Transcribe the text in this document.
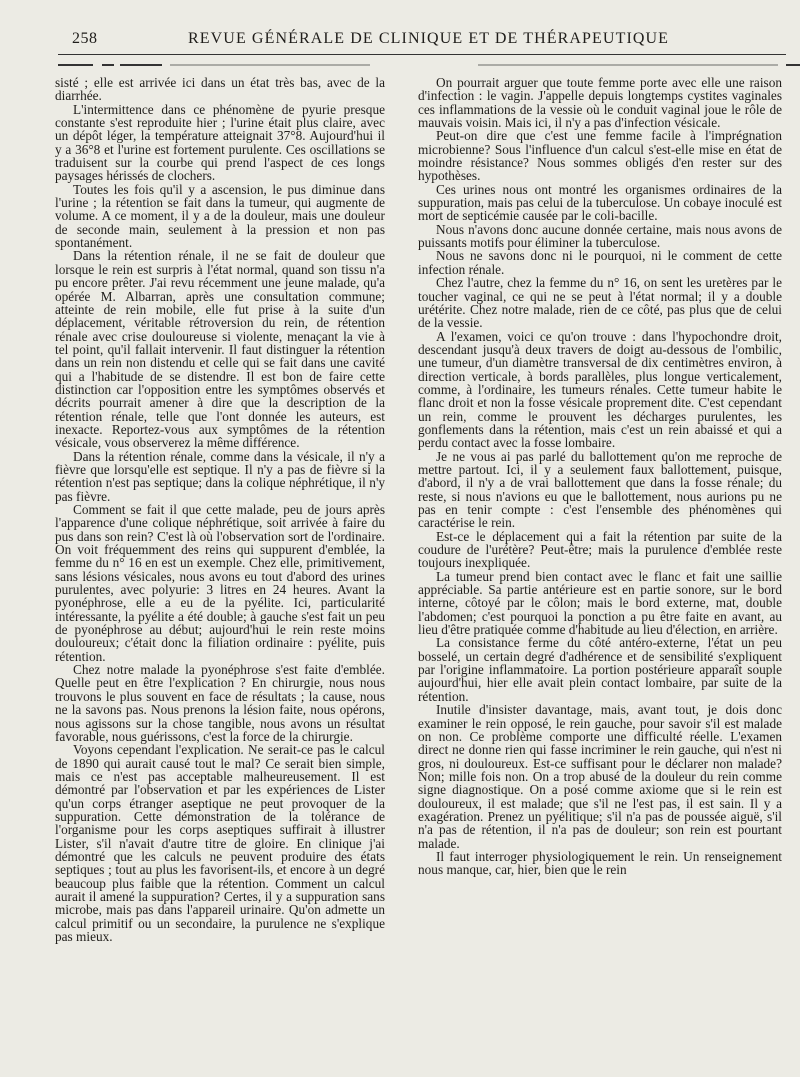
258	REVUE GÉNÉRALE DE CLINIQUE ET DE THÉRAPEUTIQUE

sisté ; elle est arrivée ici dans un état très bas, avec de la diarrhée.

L'intermittence dans ce phénomène de pyurie presque constante s'est reproduite hier ; l'urine était plus claire, avec un dépôt léger, la température atteignait 37°8. Aujourd'hui il y a 36°8 et l'urine est fortement purulente. Ces oscillations se traduisent sur la courbe qui prend l'aspect de ces longs paysages hérissés de clochers.

Toutes les fois qu'il y a ascension, le pus diminue dans l'urine ; la rétention se fait dans la tumeur, qui augmente de volume. A ce moment, il y a de la douleur, mais une douleur de seconde main, seulement à la pression et non pas spontanément.

Dans la rétention rénale, il ne se fait de douleur que lorsque le rein est surpris à l'état normal, quand son tissu n'a pu encore prêter. J'ai revu récemment une jeune malade, qu'a opérée M. Albarran, après une consultation commune; atteinte de rein mobile, elle fut prise à la suite d'un déplacement, véritable rétroversion du rein, de rétention rénale avec crise douloureuse si violente, menaçant la vie à tel point, qu'il fallait intervenir. Il faut distinguer la rétention dans un rein non distendu et celle qui se fait dans une cavité qui a l'habitude de se distendre. Il est bon de faire cette distinction car l'opposition entre les symptômes observés et décrits pourrait amener à dire que la description de la rétention rénale, telle que l'ont donnée les auteurs, est inexacte. Reportez-vous aux symptômes de la rétention vésicale, vous observerez la même différence.

Dans la rétention rénale, comme dans la vésicale, il n'y a fièvre que lorsqu'elle est septique. Il n'y a pas de fièvre si la rétention n'est pas septique; dans la colique néphrétique, il n'y pas fièvre.

Comment se fait il que cette malade, peu de jours après l'apparence d'une colique néphrétique, soit arrivée à faire du pus dans son rein? C'est là où l'observation sort de l'ordinaire. On voit fréquemment des reins qui suppurent d'emblée, la femme du n° 16 en est un exemple. Chez elle, primitivement, sans lésions vésicales, nous avons eu tout d'abord des urines purulentes, avec polyurie: 3 litres en 24 heures. Avant la pyonéphrose, elle a eu de la pyélite. Ici, particularité intéressante, la pyélite a été double; à gauche s'est fait un peu de pyonéphrose au début; aujourd'hui le rein reste moins douloureux; c'était donc la filiation ordinaire : pyélite, puis rétention.

Chez notre malade la pyonéphrose s'est faite d'emblée. Quelle peut en être l'explication ? En chirurgie, nous nous trouvons le plus souvent en face de résultats ; la cause, nous ne la savons pas. Nous prenons la lésion faite, nous opérons, nous agissons sur la chose tangible, nous avons un résultat favorable, nous guérissons, c'est la force de la chirurgie.

Voyons cependant l'explication. Ne serait-ce pas le calcul de 1890 qui aurait causé tout le mal? Ce serait bien simple, mais ce n'est pas acceptable malheureusement. Il est démontré par l'observation et par les expériences de Lister qu'un corps étranger aseptique ne peut provoquer de la suppuration. Cette démonstration de la tolérance de l'organisme pour les corps aseptiques suffirait à illustrer Lister, s'il n'avait d'autre titre de gloire. En clinique j'ai démontré que les calculs ne peuvent produire des états septiques ; tout au plus les favorisent-ils, et encore à un degré beaucoup plus faible que la rétention. Comment un calcul aurait il amené la suppuration? Certes, il y a suppuration sans microbe, mais pas dans l'appareil urinaire. Qu'on admette un calcul primitif ou un secondaire, la purulence ne s'explique pas mieux.

On pourrait arguer que toute femme porte avec elle une raison d'infection : le vagin. J'appelle depuis longtemps cystites vaginales ces inflammations de la vessie où le conduit vaginal joue le rôle de mauvais voisin. Mais ici, il n'y a pas d'infection vésicale.

Peut-on dire que c'est une femme facile à l'imprégnation microbienne? Sous l'influence d'un calcul s'est-elle mise en état de moindre résistance? Nous sommes obligés d'en rester sur des hypothèses.

Ces urines nous ont montré les organismes ordinaires de la suppuration, mais pas celui de la tuberculose. Un cobaye inoculé est mort de septicémie causée par le coli-bacille.

Nous n'avons donc aucune donnée certaine, mais nous avons de puissants motifs pour éliminer la tuberculose.

Nous ne savons donc ni le pourquoi, ni le comment de cette infection rénale.

Chez l'autre, chez la femme du n° 16, on sent les uretères par le toucher vaginal, ce qui ne se peut à l'état normal; il y a double urétérite. Chez notre malade, rien de ce côté, pas plus que de celui de la vessie.

A l'examen, voici ce qu'on trouve : dans l'hypochondre droit, descendant jusqu'à deux travers de doigt au-dessous de l'ombilic, une tumeur, d'un diamètre transversal de dix centimètres environ, à direction verticale, à bords parallèles, plus longue verticalement, comme, à l'ordinaire, les tumeurs rénales. Cette tumeur habite le flanc droit et non la fosse vésicale proprement dite. C'est cependant un rein, comme le prouvent les décharges purulentes, les gonflements dans la rétention, mais c'est un rein abaissé et qui a perdu contact avec la fosse lombaire.

Je ne vous ai pas parlé du ballottement qu'on me reproche de mettre partout. Ici, il y a seulement faux ballottement, puisque, d'abord, il n'y a de vrai ballottement que dans la fosse rénale; du reste, si nous n'avions eu que le ballottement, nous aurions pu ne pas en tenir compte : c'est l'ensemble des phénomènes qui caractérise le rein.

Est-ce le déplacement qui a fait la rétention par suite de la coudure de l'urétère? Peut-être; mais la purulence d'emblée reste toujours inexpliquée.

La tumeur prend bien contact avec le flanc et fait une saillie appréciable. Sa partie antérieure est en partie sonore, sur le bord interne, côtoyé par le côlon; mais le bord externe, mat, double l'abdomen; c'est pourquoi la ponction a pu être faite en avant, au lieu d'être pratiquée comme d'habitude au lieu d'élection, en arrière.

La consistance ferme du côté antéro-externe, l'état un peu bosselé, un certain degré d'adhérence et de sensibilité s'expliquent par l'origine inflammatoire. La portion postérieure apparaît souple aujourd'hui, hier elle avait plein contact lombaire, par suite de la rétention.

Inutile d'insister davantage, mais, avant tout, je dois donc examiner le rein opposé, le rein gauche, pour savoir s'il est malade on non. Ce problème comporte une difficulté réelle. L'examen direct ne donne rien qui fasse incriminer le rein gauche, qui n'est ni gros, ni douloureux. Est-ce suffisant pour le déclarer non malade? Non; mille fois non. On a trop abusé de la douleur du rein comme signe diagnostique. On a posé comme axiome que si le rein est douloureux, il est malade; que s'il ne l'est pas, il est sain. Il y a exagération. Prenez un pyélitique; s'il n'a pas de poussée aiguë, s'il n'a pas de rétention, il n'a pas de douleur; son rein est pourtant malade.

Il faut interroger physiologiquement le rein. Un renseignement nous manque, car, hier, bien que le rein
